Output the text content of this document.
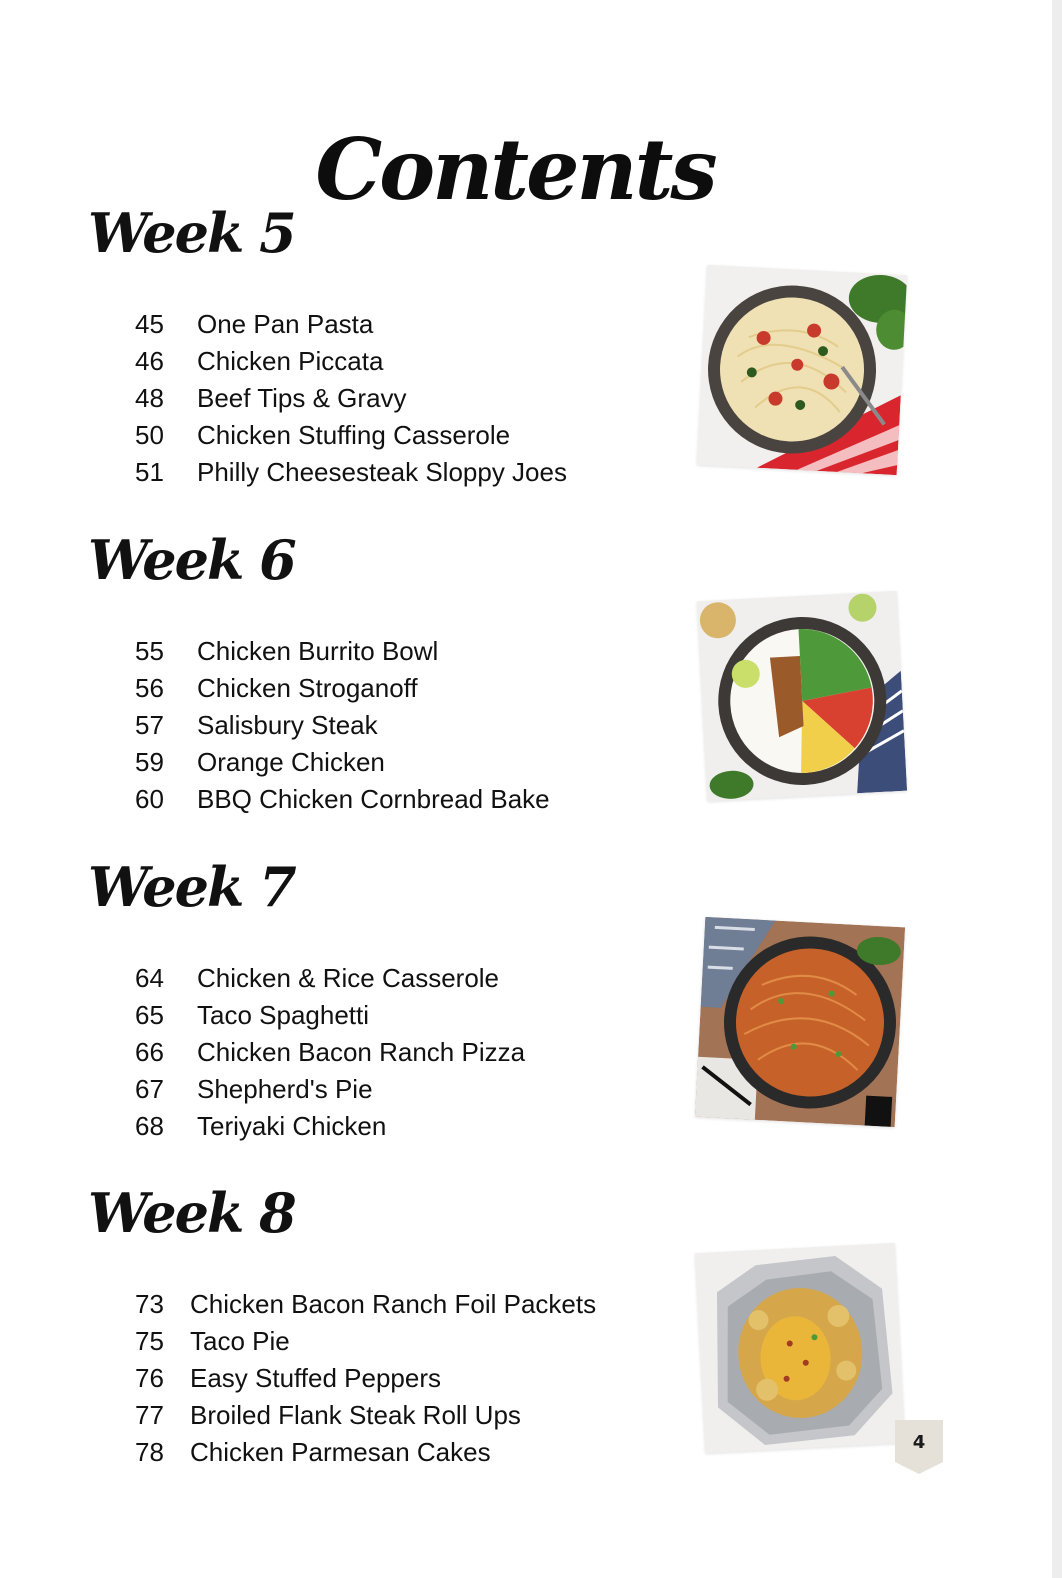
Contents
Week 5
45	One Pan Pasta
46	Chicken Piccata
48	Beef Tips & Gravy
50	Chicken Stuffing Casserole
51	Philly Cheesesteak Sloppy Joes
Week 6
55	Chicken Burrito Bowl
56	Chicken Stroganoff
57	Salisbury Steak
59	Orange Chicken
60	BBQ Chicken Cornbread Bake
Week 7
64	Chicken & Rice Casserole
65	Taco Spaghetti
66	Chicken Bacon Ranch Pizza
67	Shepherd's Pie
68	Teriyaki Chicken
Week 8
73	Chicken Bacon Ranch Foil Packets
75	Taco Pie
76	Easy Stuffed Peppers
77	Broiled Flank Steak Roll Ups
78	Chicken Parmesan Cakes	4
